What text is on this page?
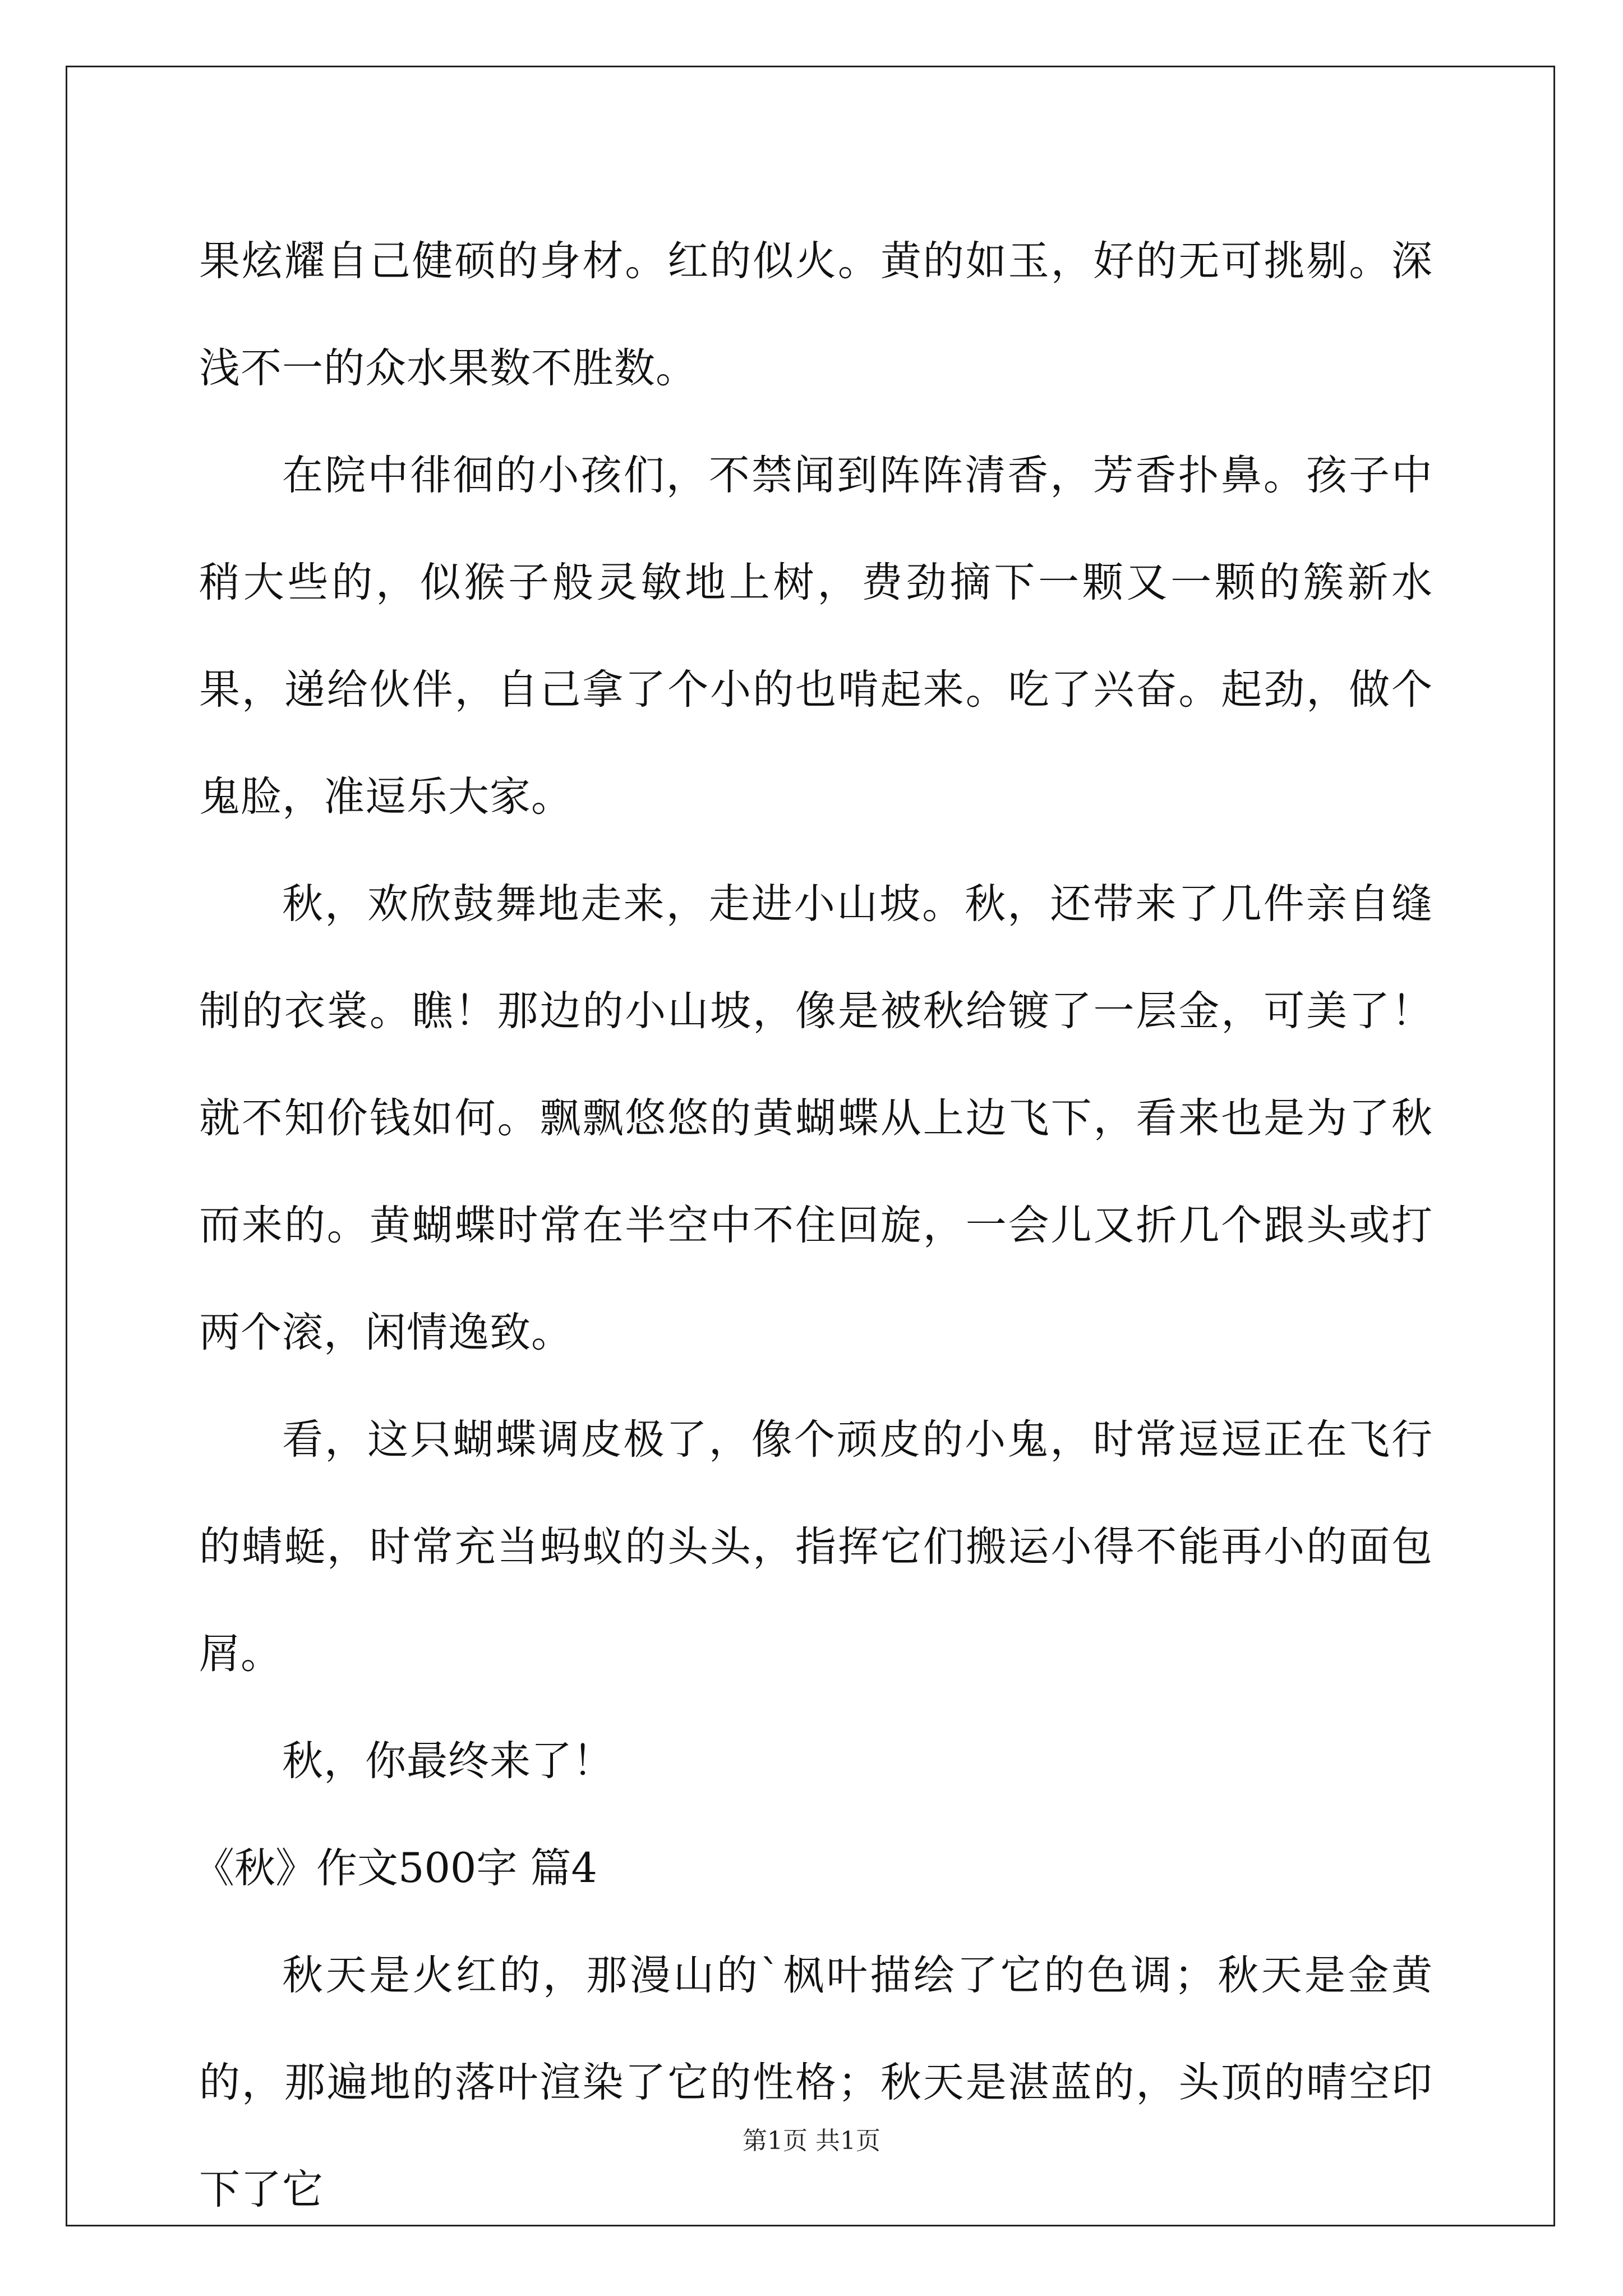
果炫耀自己健硕的身材。红的似火。黄的如玉，好的无可挑剔。深浅不一的众水果数不胜数。

在院中徘徊的小孩们，不禁闻到阵阵清香，芳香扑鼻。孩子中稍大些的，似猴子般灵敏地上树，费劲摘下一颗又一颗的簇新水果，递给伙伴，自己拿了个小的也啃起来。吃了兴奋。起劲，做个鬼脸，准逗乐大家。

秋，欢欣鼓舞地走来，走进小山坡。秋，还带来了几件亲自缝制的衣裳。瞧！那边的小山坡，像是被秋给镀了一层金，可美了！就不知价钱如何。飘飘悠悠的黄蝴蝶从上边飞下，看来也是为了秋而来的。黄蝴蝶时常在半空中不住回旋，一会儿又折几个跟头或打两个滚，闲情逸致。

看，这只蝴蝶调皮极了，像个顽皮的小鬼，时常逗逗正在飞行的蜻蜓，时常充当蚂蚁的头头，指挥它们搬运小得不能再小的面包屑。

秋，你最终来了！

《秋》作文500字 篇4

秋天是火红的，那漫山的`枫叶描绘了它的色调；秋天是金黄的，那遍地的落叶渲染了它的性格；秋天是湛蓝的，头顶的晴空印下了它

第1页 共1页
